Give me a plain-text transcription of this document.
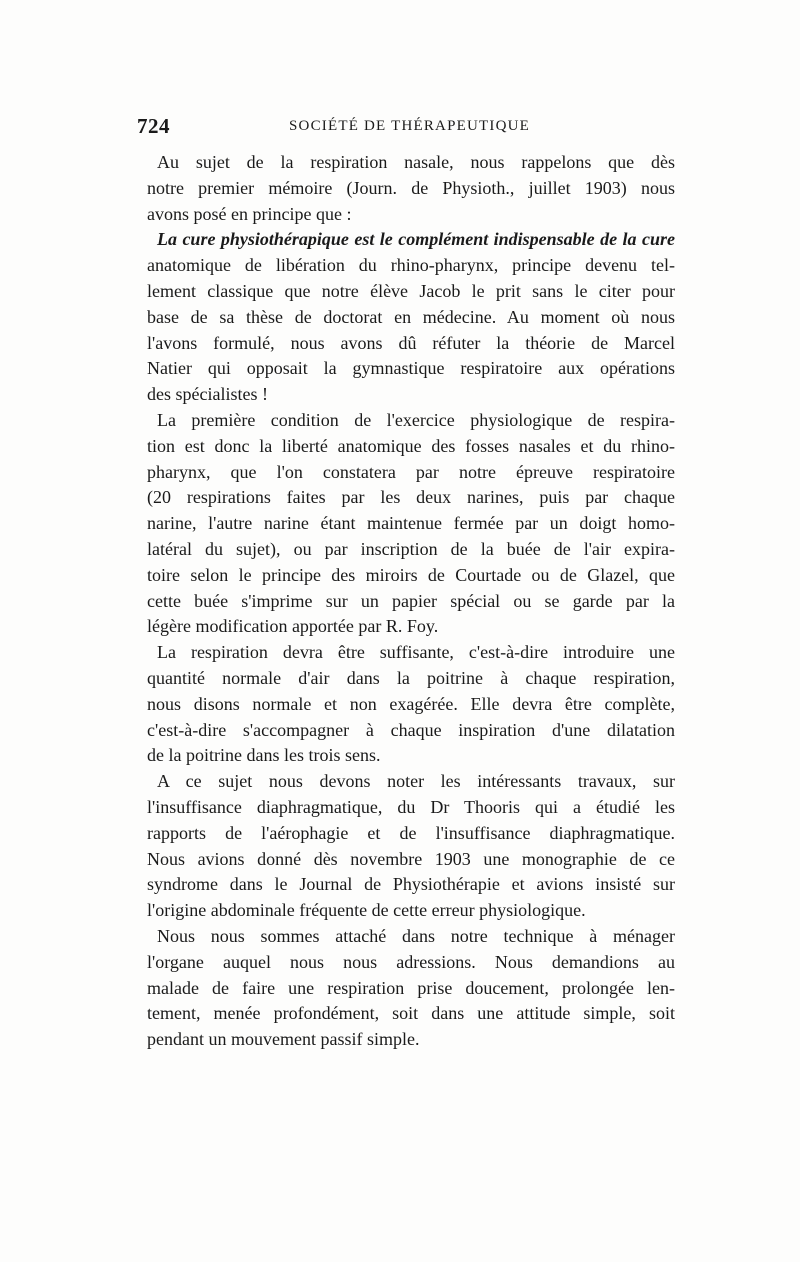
724	SOCIÉTÉ DE THÉRAPEUTIQUE

Au sujet de la respiration nasale, nous rappelons que dès
notre premier mémoire (Journ. de Physioth., juillet 1903) nous
avons posé en principe que :

La cure physiothérapique est le complément indispensable de la cure
anatomique de libération du rhino-pharynx, principe devenu tel-
lement classique que notre élève Jacob le prit sans le citer pour
base de sa thèse de doctorat en médecine. Au moment où nous
l'avons formulé, nous avons dû réfuter la théorie de Marcel
Natier qui opposait la gymnastique respiratoire aux opérations
des spécialistes !

La première condition de l'exercice physiologique de respira-
tion est donc la liberté anatomique des fosses nasales et du rhino-
pharynx, que l'on constatera par notre épreuve respiratoire
(20 respirations faites par les deux narines, puis par chaque
narine, l'autre narine étant maintenue fermée par un doigt homo-
latéral du sujet), ou par inscription de la buée de l'air expira-
toire selon le principe des miroirs de Courtade ou de Glazel, que
cette buée s'imprime sur un papier spécial ou se garde par la
légère modification apportée par R. Foy.

La respiration devra être suffisante, c'est-à-dire introduire une
quantité normale d'air dans la poitrine à chaque respiration,
nous disons normale et non exagérée. Elle devra être complète,
c'est-à-dire s'accompagner à chaque inspiration d'une dilatation
de la poitrine dans les trois sens.

A ce sujet nous devons noter les intéressants travaux, sur
l'insuffisance diaphragmatique, du Dr Thooris qui a étudié les
rapports de l'aérophagie et de l'insuffisance diaphragmatique.
Nous avions donné dès novembre 1903 une monographie de ce
syndrome dans le Journal de Physiothérapie et avions insisté sur
l'origine abdominale fréquente de cette erreur physiologique.

Nous nous sommes attaché dans notre technique à ménager
l'organe auquel nous nous adressions. Nous demandions au
malade de faire une respiration prise doucement, prolongée len-
tement, menée profondément, soit dans une attitude simple, soit
pendant un mouvement passif simple.
